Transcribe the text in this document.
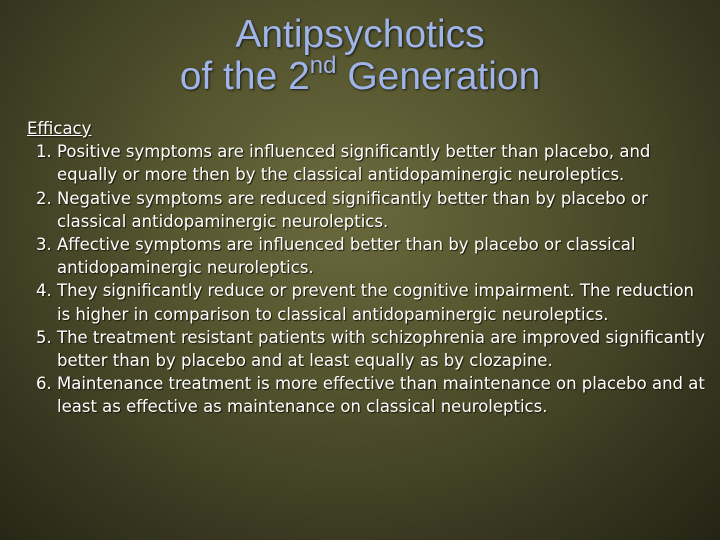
Antipsychotics
of the 2nd Generation

Efficacy

1. Positive symptoms are influenced significantly better than placebo, and equally or more then by the classical antidopaminergic neuroleptics.
2. Negative symptoms are reduced significantly better than by placebo or classical antidopaminergic neuroleptics.
3. Affective symptoms are influenced better than by placebo or classical antidopaminergic neuroleptics.
4. They significantly reduce or prevent the cognitive impairment. The reduction is higher in comparison to classical antidopaminergic neuroleptics.
5. The treatment resistant patients with schizophrenia are improved significantly better than by placebo and at least equally as by clozapine.
6. Maintenance treatment is more effective than maintenance on placebo and at least as effective as maintenance on classical neuroleptics.
